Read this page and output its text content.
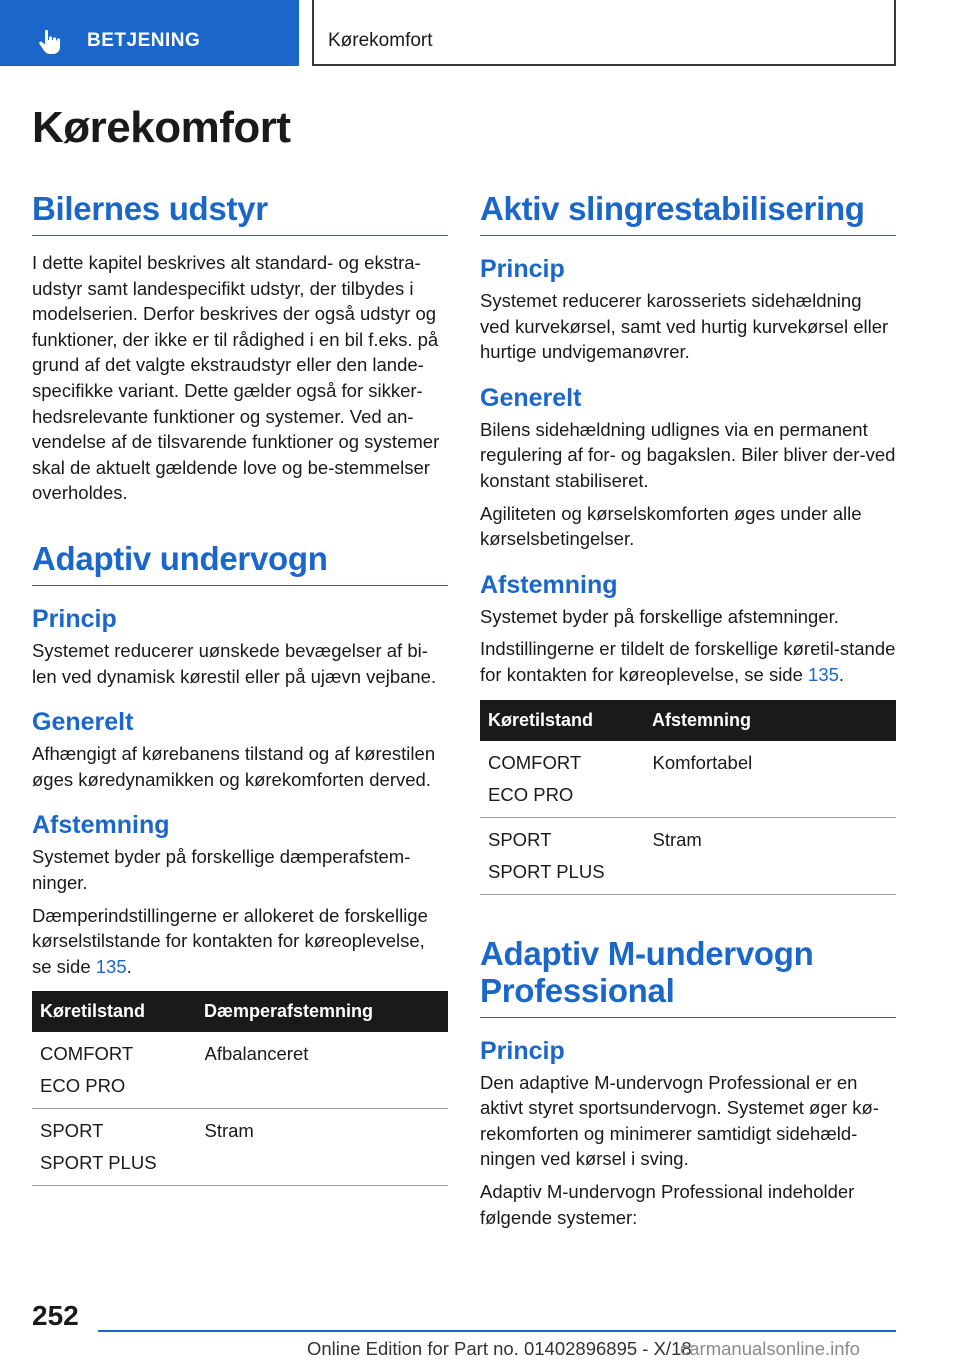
BETJENING	Kørekomfort
Kørekomfort
Bilernes udstyr

I dette kapitel beskrives alt standard- og ekstra-udstyr samt landespecifikt udstyr, der tilbydes i modelserien. Derfor beskrives der også udstyr og funktioner, der ikke er til rådighed i en bil f.eks. på grund af det valgte ekstraudstyr eller den lande-specifikke variant. Dette gælder også for sikker-hedsrelevante funktioner og systemer. Ved an-vendelse af de tilsvarende funktioner og systemer skal de aktuelt gældende love og be-stemmelser overholdes.

Adaptiv undervogn
Princip

Systemet reducerer uønskede bevægelser af bi-len ved dynamisk kørestil eller på ujævn vejbane.

Generelt

Afhængigt af kørebanens tilstand og af kørestilen øges køredynamikken og kørekomforten derved.

Afstemning

Systemet byder på forskellige dæmperafstem-ninger.

Dæmperindstillingerne er allokeret de forskellige kørselstilstande for kontakten for køreoplevelse, se side 135.

Køretilstand	Dæmperafstemning

COMFORT
ECO PRO	Afbalanceret

SPORT
SPORT PLUS	Stram
Aktiv slingrestabilisering
Princip

Systemet reducerer karosseriets sidehældning ved kurvekørsel, samt ved hurtig kurvekørsel eller hurtige undvigemanøvrer.

Generelt

Bilens sidehældning udlignes via en permanent regulering af for- og bagakslen. Biler bliver der-ved konstant stabiliseret.

Agiliteten og kørselskomforten øges under alle kørselsbetingelser.

Afstemning

Systemet byder på forskellige afstemninger.

Indstillingerne er tildelt de forskellige køretil-stande for kontakten for køreoplevelse, se side 135.

Køretilstand	Afstemning

COMFORT
ECO PRO	Komfortabel

SPORT
SPORT PLUS	Stram
Adaptiv M-undervogn Professional
Princip

Den adaptive M-undervogn Professional er en aktivt styret sportsundervogn. Systemet øger kø-rekomforten og minimerer samtidigt sidehæld-ningen ved kørsel i sving.

Adaptiv M-undervogn Professional indeholder følgende systemer:

252
Online Edition for Part no. 01402896895 - X/18
carmanualsonline.info
